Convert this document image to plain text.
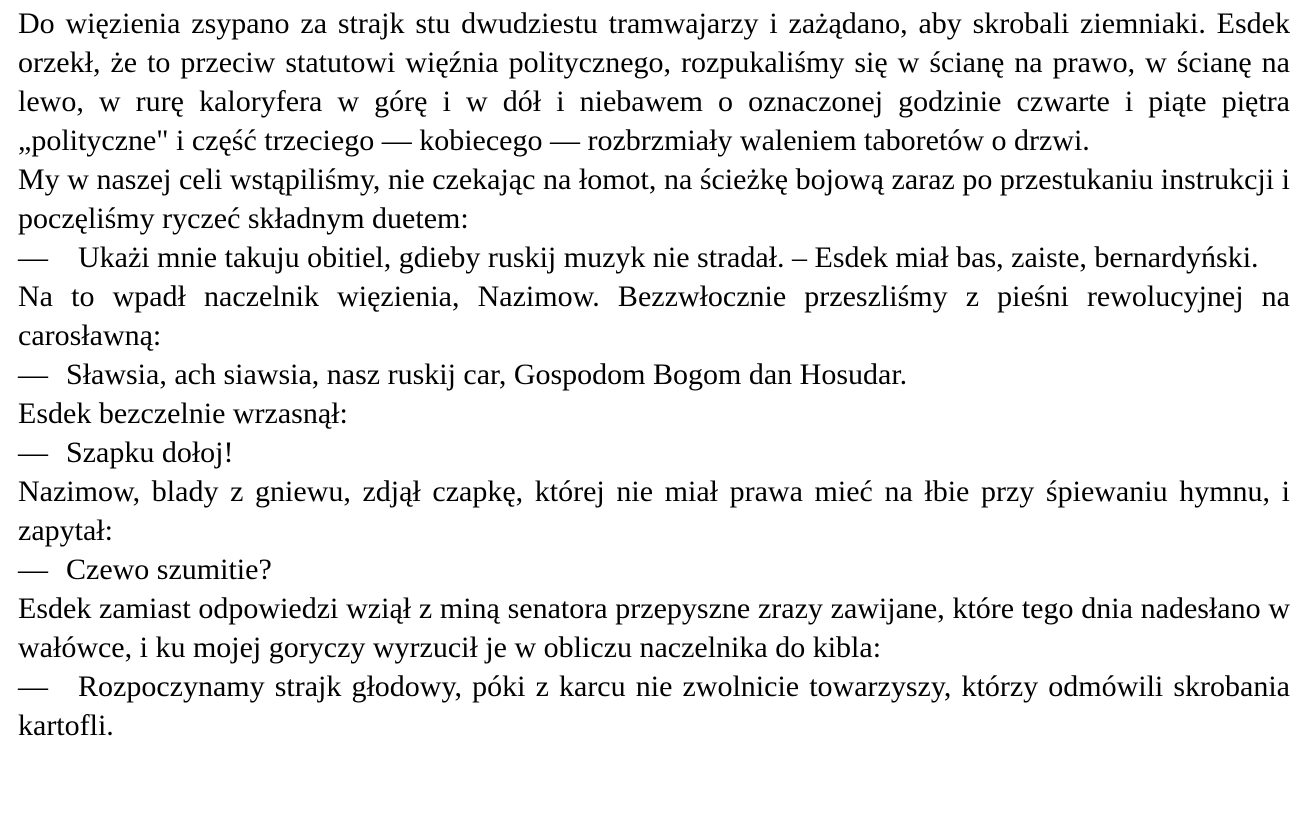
Do więzienia zsypano za strajk stu dwudziestu tramwajarzy i zażądano, aby skrobali ziemniaki. Esdek orzekł, że to przeciw statutowi więźnia politycznego, rozpukaliśmy się w ścianę na prawo, w ścianę na lewo, w rurę kaloryfera w górę i w dół i niebawem o oznaczonej godzinie czwarte i piąte piętra „polityczne" i część trzeciego — kobiecego — rozbrzmiały waleniem taboretów o drzwi.

My w naszej celi wstąpiliśmy, nie czekając na łomot, na ścieżkę bojową zaraz po przestukaniu instrukcji i poczęliśmy ryczeć składnym duetem:

— Ukażi mnie takuju obitiel, gdieby ruskij muzyk nie stradał. – Esdek miał bas, zaiste, bernardyński.

Na to wpadł naczelnik więzienia, Nazimow. Bezzwłocznie przeszliśmy z pieśni rewolucyjnej na carosławną:

— Sławsia, ach siawsia, nasz ruskij car, Gospodom Bogom dan Hosudar.

Esdek bezczelnie wrzasnął:

— Szapku dołoj!

Nazimow, blady z gniewu, zdjął czapkę, której nie miał prawa mieć na łbie przy śpiewaniu hymnu, i zapytał:

— Czewo szumitie?

Esdek zamiast odpowiedzi wziął z miną senatora przepyszne zrazy zawijane, które tego dnia nadesłano w wałówce, i ku mojej goryczy wyrzucił je w obliczu naczelnika do kibla:

— Rozpoczynamy strajk głodowy, póki z karcu nie zwolnicie towarzyszy, którzy odmówili skrobania kartofli.
